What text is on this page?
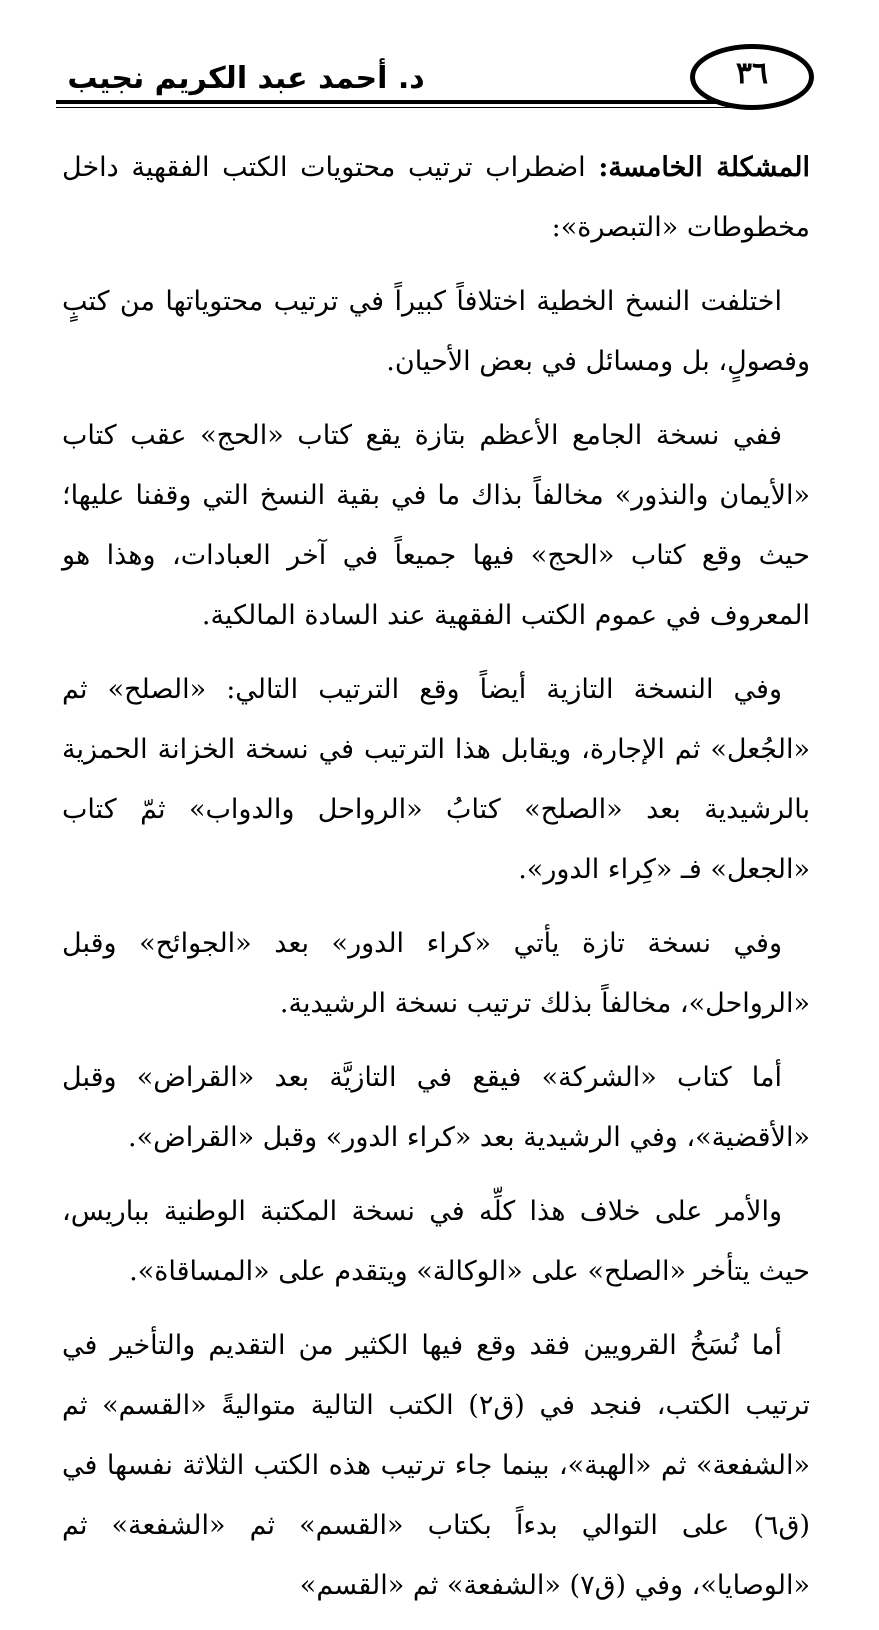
د. أحمد عبد الكريم نجيب	٣٦

المشكلة الخامسة: اضطراب ترتيب محتويات الكتب الفقهية داخل مخطوطات «التبصرة»:

اختلفت النسخ الخطية اختلافاً كبيراً في ترتيب محتوياتها من كتبٍ وفصولٍ، بل ومسائل في بعض الأحيان.

ففي نسخة الجامع الأعظم بتازة يقع كتاب «الحج» عقب كتاب «الأيمان والنذور» مخالفاً بذاك ما في بقية النسخ التي وقفنا عليها؛ حيث وقع كتاب «الحج» فيها جميعاً في آخر العبادات، وهذا هو المعروف في عموم الكتب الفقهية عند السادة المالكية.

وفي النسخة التازية أيضاً وقع الترتيب التالي: «الصلح» ثم «الجُعل» ثم الإجارة، ويقابل هذا الترتيب في نسخة الخزانة الحمزية بالرشيدية بعد «الصلح» كتابُ «الرواحل والدواب» ثمّ كتاب «الجعل» فـ «كِراء الدور».

وفي نسخة تازة يأتي «كراء الدور» بعد «الجوائح» وقبل «الرواحل»، مخالفاً بذلك ترتيب نسخة الرشيدية.

أما كتاب «الشركة» فيقع في التازيَّة بعد «القراض» وقبل «الأقضية»، وفي الرشيدية بعد «كراء الدور» وقبل «القراض».

والأمر على خلاف هذا كلِّه في نسخة المكتبة الوطنية بباريس، حيث يتأخر «الصلح» على «الوكالة» ويتقدم على «المساقاة».

أما نُسَخُ القرويين فقد وقع فيها الكثير من التقديم والتأخير في ترتيب الكتب، فنجد في (ق٢) الكتب التالية متواليةً «القسم» ثم «الشفعة» ثم «الهبة»، بينما جاء ترتيب هذه الكتب الثلاثة نفسها في (ق٦) على التوالي بدءاً بكتاب «القسم» ثم «الشفعة» ثم «الوصايا»، وفي (ق٧) «الشفعة» ثم «القسم»
